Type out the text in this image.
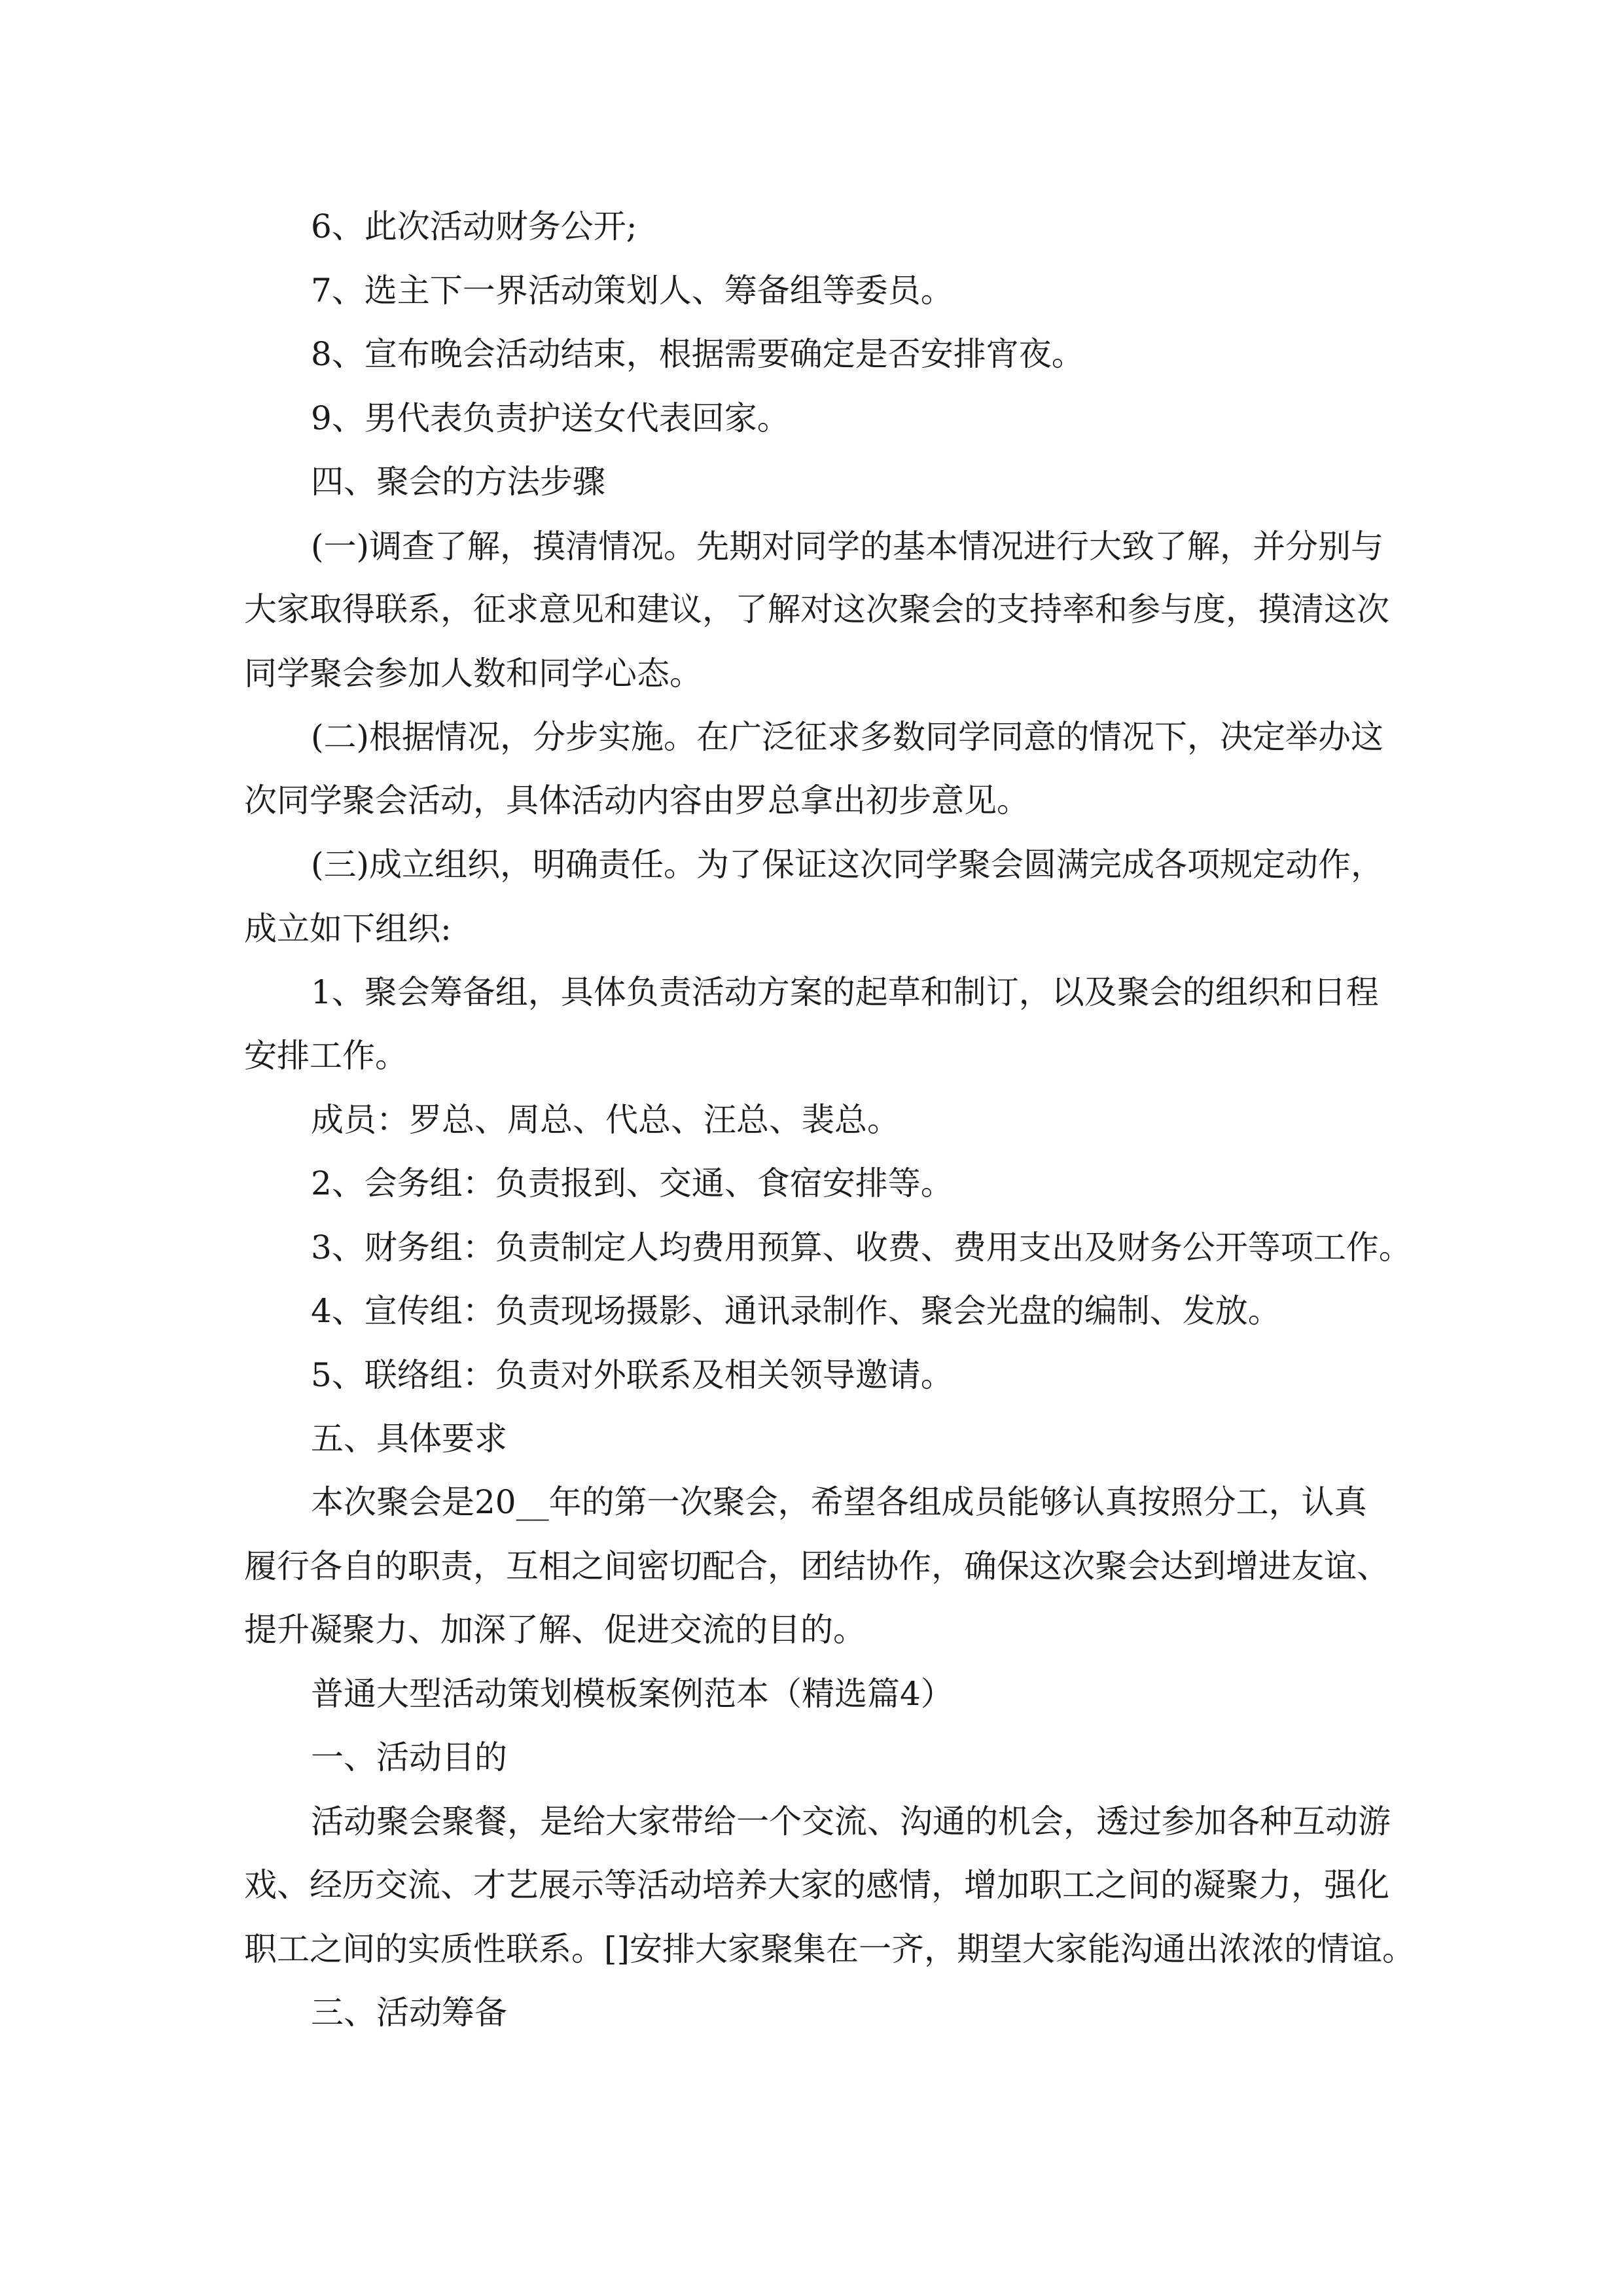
6、此次活动财务公开;

7、选主下一界活动策划人、筹备组等委员。

8、宣布晚会活动结束，根据需要确定是否安排宵夜。

9、男代表负责护送女代表回家。

四、聚会的方法步骤

(一)调查了解，摸清情况。先期对同学的基本情况进行大致了解，并分别与

大家取得联系，征求意见和建议，了解对这次聚会的支持率和参与度，摸清这次

同学聚会参加人数和同学心态。

(二)根据情况，分步实施。在广泛征求多数同学同意的情况下，决定举办这

次同学聚会活动，具体活动内容由罗总拿出初步意见。

(三)成立组织，明确责任。为了保证这次同学聚会圆满完成各项规定动作，

成立如下组织:

1、聚会筹备组，具体负责活动方案的起草和制订，以及聚会的组织和日程

安排工作。

成员：罗总、周总、代总、汪总、裴总。

2、会务组：负责报到、交通、食宿安排等。

3、财务组：负责制定人均费用预算、收费、费用支出及财务公开等项工作。

4、宣传组：负责现场摄影、通讯录制作、聚会光盘的编制、发放。

5、联络组：负责对外联系及相关领导邀请。

五、具体要求

本次聚会是20__年的第一次聚会，希望各组成员能够认真按照分工，认真

履行各自的职责，互相之间密切配合，团结协作，确保这次聚会达到增进友谊、

提升凝聚力、加深了解、促进交流的目的。

普通大型活动策划模板案例范本（精选篇4）

一、活动目的

活动聚会聚餐，是给大家带给一个交流、沟通的机会，透过参加各种互动游

戏、经历交流、才艺展示等活动培养大家的感情，增加职工之间的凝聚力，强化

职工之间的实质性联系。[]安排大家聚集在一齐，期望大家能沟通出浓浓的情谊。

三、活动筹备
